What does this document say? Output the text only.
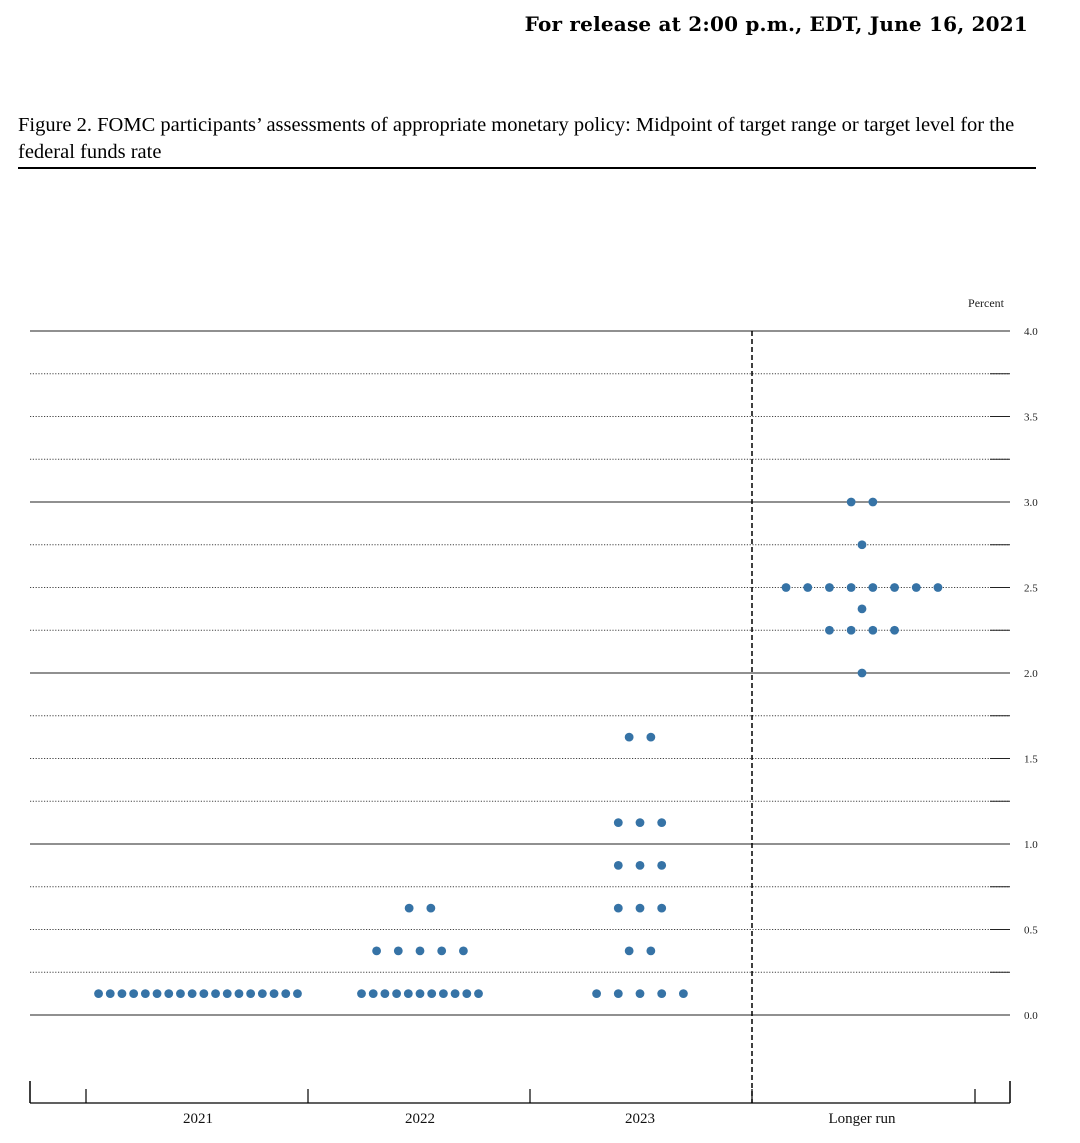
For release at 2:00 p.m., EDT, June 16, 2021
Figure 2. FOMC participants’ assessments of appropriate monetary policy: Midpoint of target range or target level for the federal funds rate
4.0
3.5
3.0
2.5
2.0
1.5
1.0
0.5
0.0
Percent
2021	2022	2023	Longer run
